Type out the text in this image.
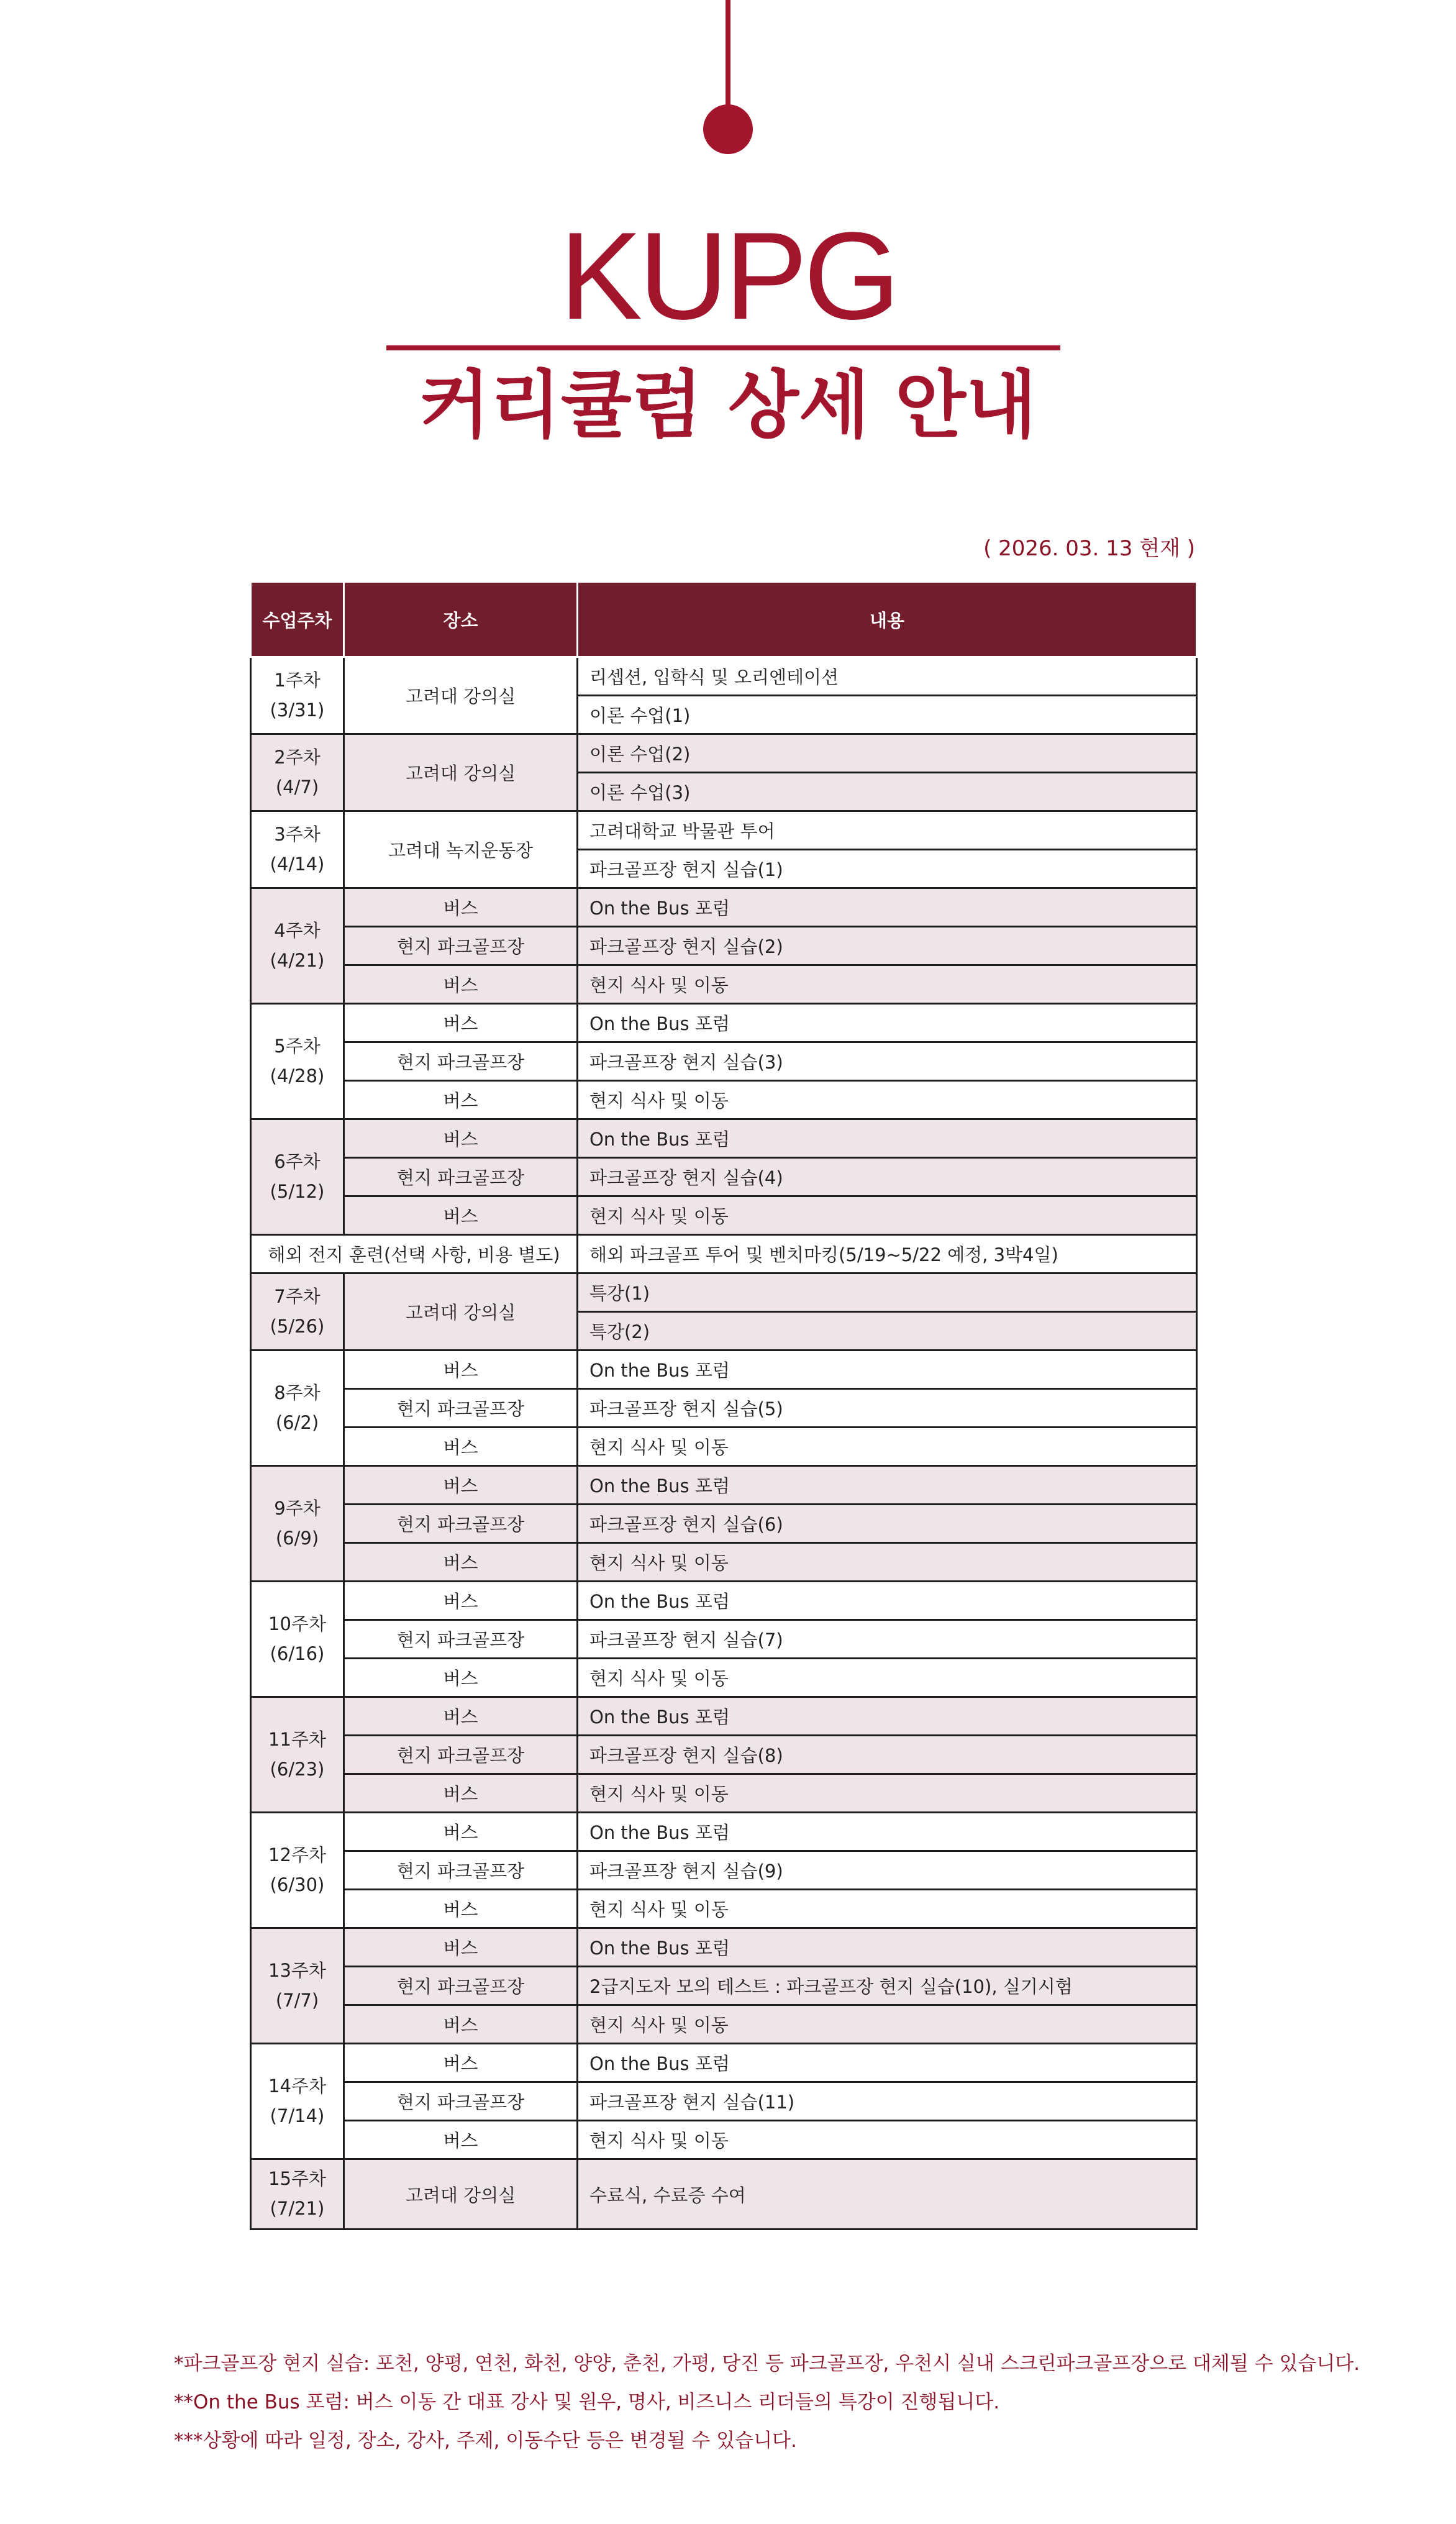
KUPG
커리큘럼 상세 안내
( 2026. 03. 13 현재 )
수업주차	장소	내용

1주차
(3/31)	고려대 강의실	리셉션, 입학식 및 오리엔테이션
		이론 수업(1)

2주차
(4/7)	고려대 강의실	이론 수업(2)
		이론 수업(3)

3주차
(4/14)	고려대 녹지운동장	고려대학교 박물관 투어
		파크골프장 현지 실습(1)

4주차
(4/21)	버스	On the Bus 포럼
	현지 파크골프장	파크골프장 현지 실습(2)
	버스	현지 식사 및 이동

5주차
(4/28)	버스	On the Bus 포럼
	현지 파크골프장	파크골프장 현지 실습(3)
	버스	현지 식사 및 이동

6주차
(5/12)	버스	On the Bus 포럼
	현지 파크골프장	파크골프장 현지 실습(4)
	버스	현지 식사 및 이동
해외 전지 훈련(선택 사항, 비용 별도)		해외 파크골프 투어 및 벤치마킹(5/19~5/22 예정, 3박4일)

7주차
(5/26)	고려대 강의실	특강(1)
		특강(2)

8주차
(6/2)	버스	On the Bus 포럼
	현지 파크골프장	파크골프장 현지 실습(5)
	버스	현지 식사 및 이동

9주차
(6/9)	버스	On the Bus 포럼
	현지 파크골프장	파크골프장 현지 실습(6)
	버스	현지 식사 및 이동

10주차
(6/16)	버스	On the Bus 포럼
	현지 파크골프장	파크골프장 현지 실습(7)
	버스	현지 식사 및 이동

11주차
(6/23)	버스	On the Bus 포럼
	현지 파크골프장	파크골프장 현지 실습(8)
	버스	현지 식사 및 이동

12주차
(6/30)	버스	On the Bus 포럼
	현지 파크골프장	파크골프장 현지 실습(9)
	버스	현지 식사 및 이동

13주차
(7/7)	버스	On the Bus 포럼
	현지 파크골프장	2급지도자 모의 테스트 : 파크골프장 현지 실습(10), 실기시험
	버스	현지 식사 및 이동

14주차
(7/14)	버스	On the Bus 포럼
	현지 파크골프장	파크골프장 현지 실습(11)
	버스	현지 식사 및 이동

15주차
(7/21)	고려대 강의실	수료식, 수료증 수여
*파크골프장 현지 실습: 포천, 양평, 연천, 화천, 양양, 춘천, 가평, 당진 등 파크골프장, 우천시 실내 스크린파크골프장으로 대체될 수 있습니다.
**On the Bus 포럼: 버스 이동 간 대표 강사 및 원우, 명사, 비즈니스 리더들의 특강이 진행됩니다.
***상황에 따라 일정, 장소, 강사, 주제, 이동수단 등은 변경될 수 있습니다.
